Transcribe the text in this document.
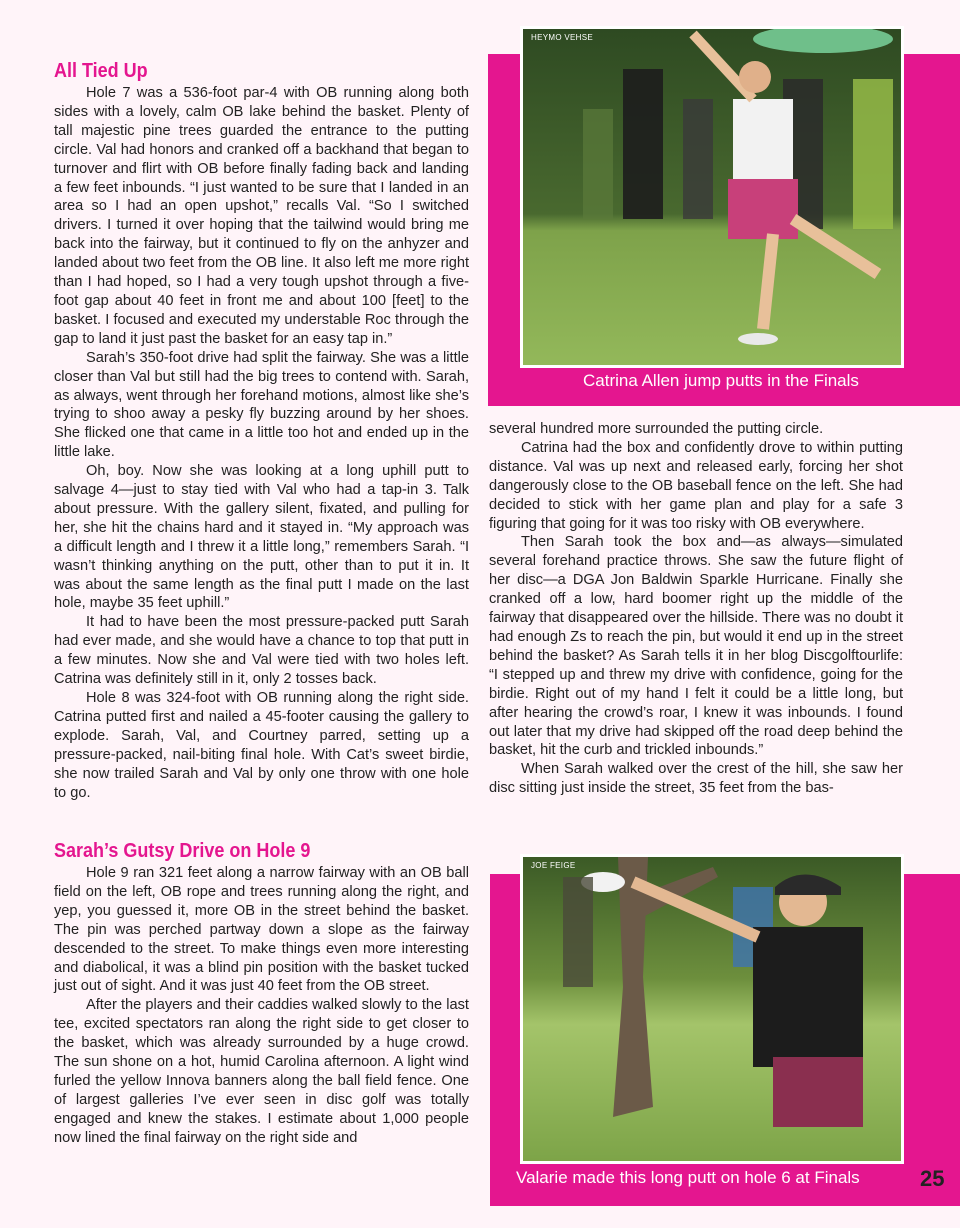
All Tied Up

Hole 7 was a 536-foot par-4 with OB running along both sides with a lovely, calm OB lake behind the basket. Plenty of tall majestic pine trees guarded the entrance to the putting circle. Val had honors and cranked off a backhand that began to turnover and flirt with OB before finally fading back and landing a few feet inbounds. “I just wanted to be sure that I landed in an area so I had an open upshot,” recalls Val. “So I switched drivers. I turned it over hoping that the tailwind would bring me back into the fairway, but it continued to fly on the anhyzer and landed about two feet from the OB line. It also left me more right than I had hoped, so I had a very tough upshot through a five-foot gap about 40 feet in front me and about 100 [feet] to the basket. I focused and executed my understable Roc through the gap to land it just past the basket for an easy tap in.”

Sarah’s 350-foot drive had split the fairway. She was a little closer than Val but still had the big trees to contend with. Sarah, as always, went through her forehand motions, almost like she’s trying to shoo away a pesky fly buzzing around by her shoes. She flicked one that came in a little too hot and ended up in the little lake.

Oh, boy. Now she was looking at a long uphill putt to salvage 4—just to stay tied with Val who had a tap-in 3. Talk about pressure. With the gallery silent, fixated, and pulling for her, she hit the chains hard and it stayed in. “My approach was a difficult length and I threw it a little long,” remembers Sarah. “I wasn’t thinking anything on the putt, other than to put it in. It was about the same length as the final putt I made on the last hole, maybe 35 feet uphill.”

It had to have been the most pressure-packed putt Sarah had ever made, and she would have a chance to top that putt in a few minutes. Now she and Val were tied with two holes left. Catrina was definitely still in it, only 2 tosses back.

Hole 8 was 324-foot with OB running along the right side. Catrina putted first and nailed a 45-footer causing the gallery to explode. Sarah, Val, and Courtney parred, setting up a pressure-packed, nail-biting final hole. With Cat’s sweet birdie, she now trailed Sarah and Val by only one throw with one hole to go.

Sarah’s Gutsy Drive on Hole 9

Hole 9 ran 321 feet along a narrow fairway with an OB ball field on the left, OB rope and trees running along the right, and yep, you guessed it, more OB in the street behind the basket. The pin was perched partway down a slope as the fairway descended to the street. To make things even more interesting and diabolical, it was a blind pin position with the basket tucked just out of sight. And it was just 40 feet from the OB street.

After the players and their caddies walked slowly to the last tee, excited spectators ran along the right side to get closer to the basket, which was already surrounded by a huge crowd. The sun shone on a hot, humid Carolina afternoon. A light wind furled the yellow Innova banners along the ball field fence. One of largest galleries I’ve ever seen in disc golf was totally engaged and knew the stakes. I estimate about 1,000 people now lined the final fairway on the right side and

several hundred more surrounded the putting circle.

Catrina had the box and confidently drove to within putting distance. Val was up next and released early, forcing her shot dangerously close to the OB baseball fence on the left. She had decided to stick with her game plan and play for a safe 3 figuring that going for it was too risky with OB everywhere.

Then Sarah took the box and—as always—simulated several forehand practice throws. She saw the future flight of her disc—a DGA Jon Baldwin Sparkle Hurricane. Finally she cranked off a low, hard boomer right up the middle of the fairway that disappeared over the hillside. There was no doubt it had enough Zs to reach the pin, but would it end up in the street behind the basket? As Sarah tells it in her blog Discgolftourlife: “I stepped up and threw my drive with confidence, going for the birdie. Right out of my hand I felt it could be a little long, but after hearing the crowd’s roar, I knew it was inbounds. I found out later that my drive had skipped off the road deep behind the basket, hit the curb and trickled inbounds.”

When Sarah walked over the crest of the hill, she saw her disc sitting just inside the street, 35 feet from the bas-

HEYMO VEHSE
Catrina Allen jump putts in the Finals
JOE FEIGE
Valarie made this long putt on hole 6 at Finals	25
